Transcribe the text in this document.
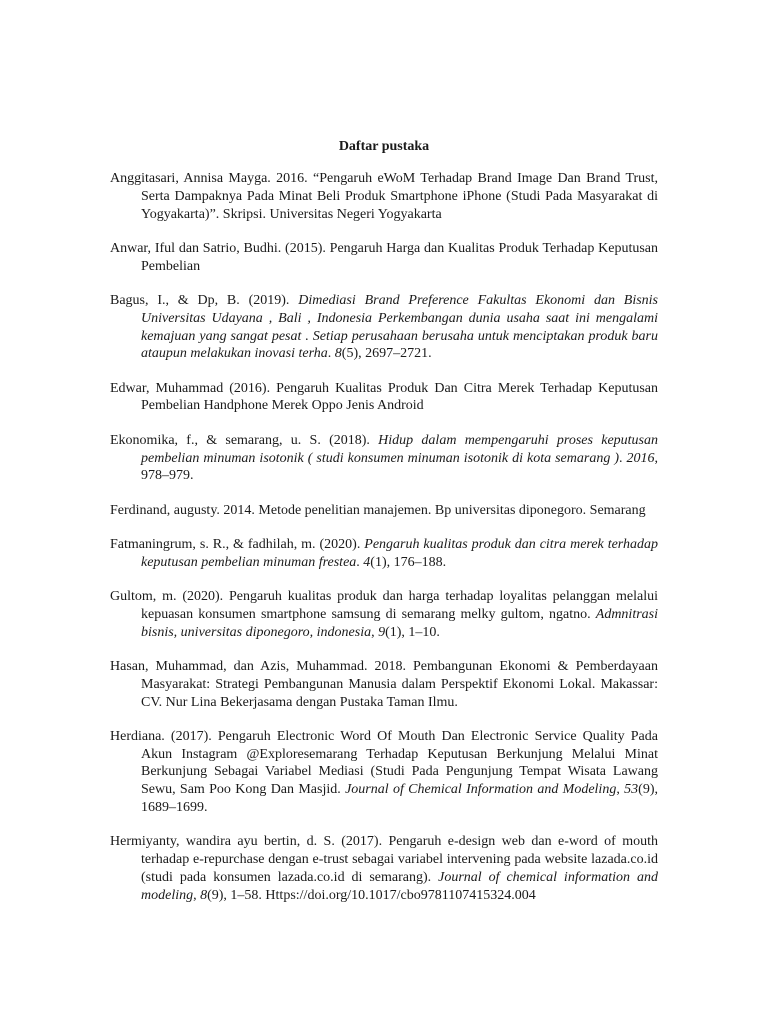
Daftar pustaka
Anggitasari, Annisa Mayga. 2016. “Pengaruh eWoM Terhadap Brand Image Dan Brand Trust, Serta Dampaknya Pada Minat Beli Produk Smartphone iPhone (Studi Pada Masyarakat di Yogyakarta)”. Skripsi. Universitas Negeri Yogyakarta
Anwar, Iful dan Satrio, Budhi. (2015). Pengaruh Harga dan Kualitas Produk Terhadap Keputusan Pembelian
Bagus, I., & Dp, B. (2019). Dimediasi Brand Preference Fakultas Ekonomi dan Bisnis Universitas Udayana , Bali , Indonesia Perkembangan dunia usaha saat ini mengalami kemajuan yang sangat pesat . Setiap perusahaan berusaha untuk menciptakan produk baru ataupun melakukan inovasi terha. 8(5), 2697–2721.
Edwar, Muhammad (2016). Pengaruh Kualitas Produk Dan Citra Merek Terhadap Keputusan Pembelian Handphone Merek Oppo Jenis Android
Ekonomika, f., & semarang, u. S. (2018). Hidup dalam mempengaruhi proses keputusan pembelian minuman isotonik ( studi konsumen minuman isotonik di kota semarang ). 2016, 978–979.
Ferdinand, augusty. 2014. Metode penelitian manajemen. Bp universitas diponegoro. Semarang
Fatmaningrum, s. R., & fadhilah, m. (2020). Pengaruh kualitas produk dan citra merek terhadap keputusan pembelian minuman frestea. 4(1), 176–188.
Gultom, m. (2020). Pengaruh kualitas produk dan harga terhadap loyalitas pelanggan melalui kepuasan konsumen smartphone samsung di semarang melky gultom, ngatno. Admnitrasi bisnis, universitas diponegoro, indonesia, 9(1), 1–10.
Hasan, Muhammad, dan Azis, Muhammad. 2018. Pembangunan Ekonomi & Pemberdayaan Masyarakat: Strategi Pembangunan Manusia dalam Perspektif Ekonomi Lokal. Makassar: CV. Nur Lina Bekerjasama dengan Pustaka Taman Ilmu.
Herdiana. (2017). Pengaruh Electronic Word Of Mouth Dan Electronic Service Quality Pada Akun Instagram @Exploresemarang Terhadap Keputusan Berkunjung Melalui Minat Berkunjung Sebagai Variabel Mediasi (Studi Pada Pengunjung Tempat Wisata Lawang Sewu, Sam Poo Kong Dan Masjid. Journal of Chemical Information and Modeling, 53(9), 1689–1699.
Hermiyanty, wandira ayu bertin, d. S. (2017). Pengaruh e-design web dan e-word of mouth terhadap e-repurchase dengan e-trust sebagai variabel intervening pada website lazada.co.id (studi pada konsumen lazada.co.id di semarang). Journal of chemical information and modeling, 8(9), 1–58. Https://doi.org/10.1017/cbo9781107415324.004
